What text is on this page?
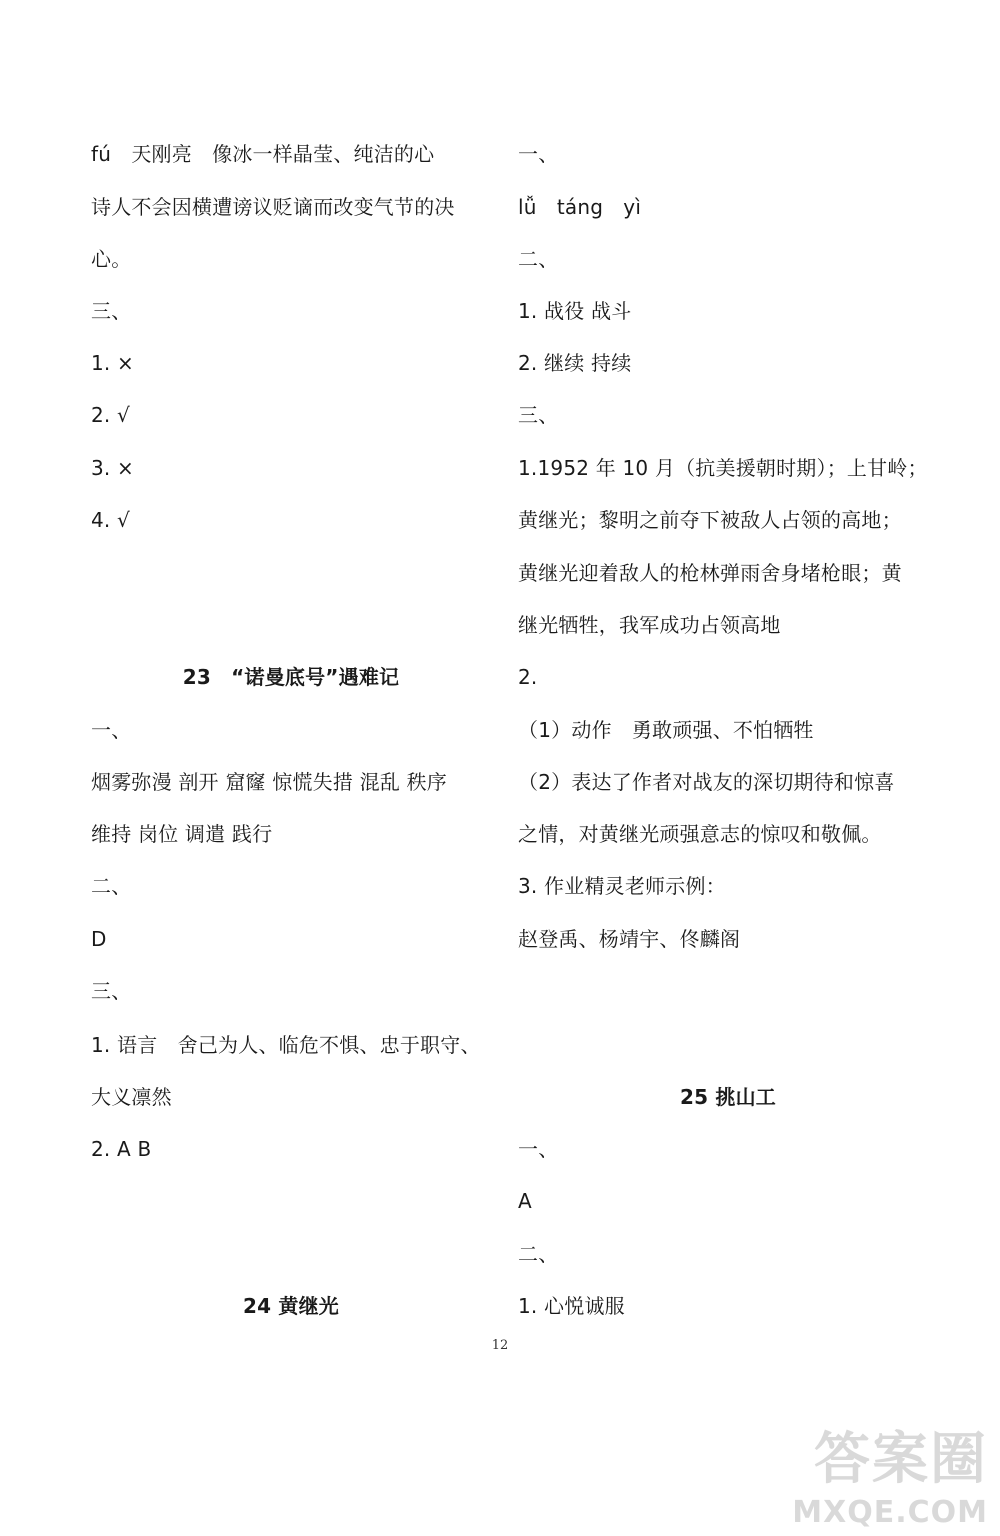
fú　天刚亮　像冰一样晶莹、纯洁的心
诗人不会因横遭谤议贬谪而改变气节的决
心。
三、
1. ×
2. √
3. ×
4. √
23　“诺曼底号”遇难记
一、
烟雾弥漫 剖开 窟窿 惊慌失措 混乱 秩序
维持 岗位 调遣 践行
二、
D
三、
1. 语言　舍己为人、临危不惧、忠于职守、
大义凛然
2. A B
24 黄继光
一、
lǚ　táng　yì
二、
1. 战役 战斗
2. 继续 持续
三、
1.1952 年 10 月（抗美援朝时期）；上甘岭；
黄继光；黎明之前夺下被敌人占领的高地；
黄继光迎着敌人的枪林弹雨舍身堵枪眼；黄
继光牺牲，我军成功占领高地
2.
（1）动作　勇敢顽强、不怕牺牲
（2）表达了作者对战友的深切期待和惊喜
之情，对黄继光顽强意志的惊叹和敬佩。
3. 作业精灵老师示例：
赵登禹、杨靖宇、佟麟阁
25 挑山工
一、
A
二、
1. 心悦诚服
12
答案圈
MXQE.COM
